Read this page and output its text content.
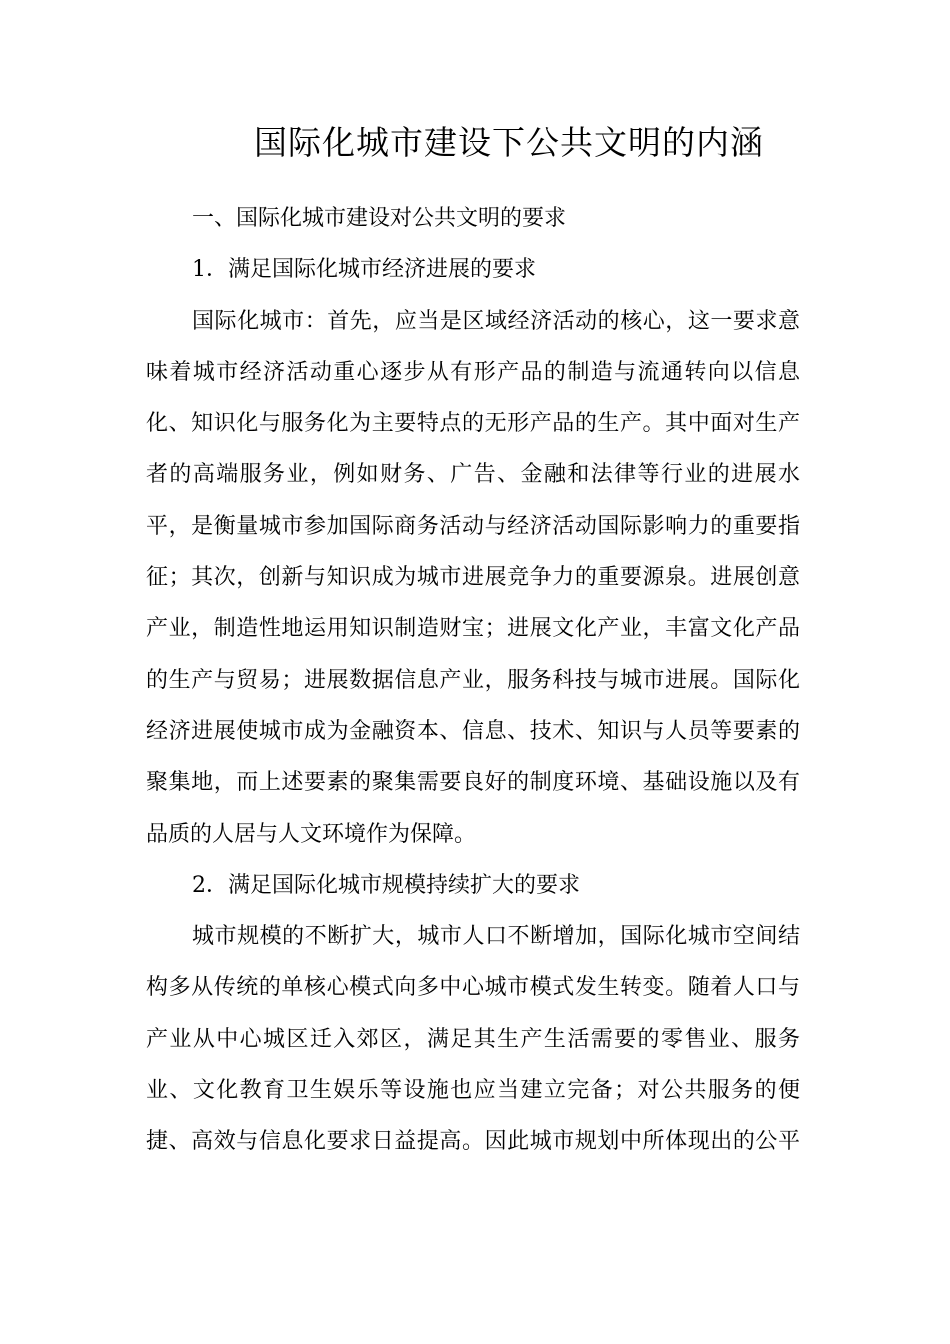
国际化城市建设下公共文明的内涵
一、国际化城市建设对公共文明的要求
1．满足国际化城市经济进展的要求
国际化城市：首先，应当是区域经济活动的核心，这一要求意
味着城市经济活动重心逐步从有形产品的制造与流通转向以信息
化、知识化与服务化为主要特点的无形产品的生产。其中面对生产
者的高端服务业，例如财务、广告、金融和法律等行业的进展水
平，是衡量城市参加国际商务活动与经济活动国际影响力的重要指
征；其次，创新与知识成为城市进展竞争力的重要源泉。进展创意
产业，制造性地运用知识制造财宝；进展文化产业，丰富文化产品
的生产与贸易；进展数据信息产业，服务科技与城市进展。国际化
经济进展使城市成为金融资本、信息、技术、知识与人员等要素的
聚集地，而上述要素的聚集需要良好的制度环境、基础设施以及有
品质的人居与人文环境作为保障。
2．满足国际化城市规模持续扩大的要求
城市规模的不断扩大，城市人口不断增加，国际化城市空间结
构多从传统的单核心模式向多中心城市模式发生转变。随着人口与
产业从中心城区迁入郊区，满足其生产生活需要的零售业、服务
业、文化教育卫生娱乐等设施也应当建立完备；对公共服务的便
捷、高效与信息化要求日益提高。因此城市规划中所体现出的公平
